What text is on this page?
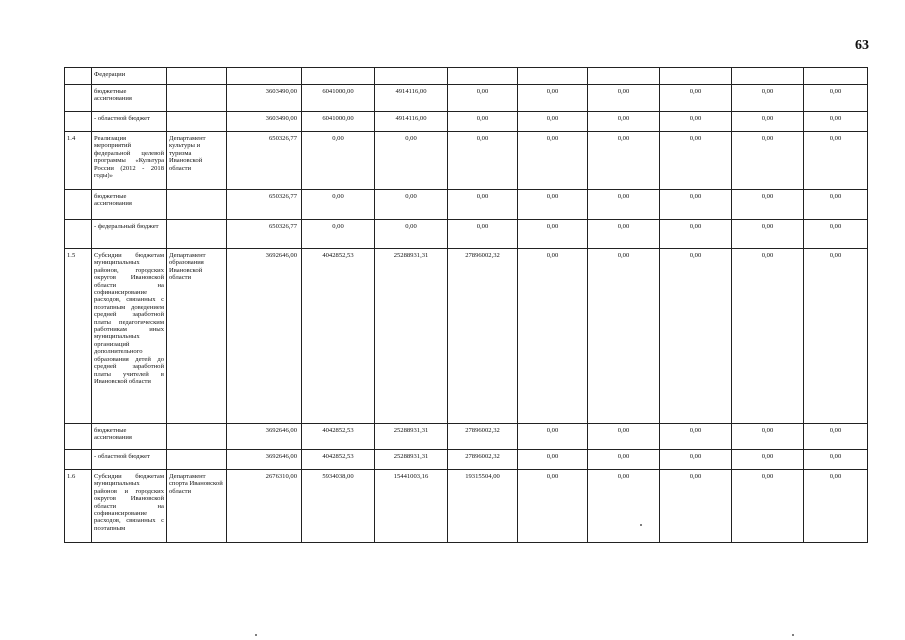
63
	Федерации										
	бюджетные ассигнования		3603490,00	6041000,00	4914116,00	0,00	0,00	0,00	0,00	0,00	0,00
	- областной бюджет		3603490,00	6041000,00	4914116,00	0,00	0,00	0,00	0,00	0,00	0,00
1.4	Реализация мероприятий федеральной целевой программы «Культура России (2012 - 2018 годы)»	Департамент культуры и туризма Ивановской области	650326,77	0,00	0,00	0,00	0,00	0,00	0,00	0,00	0,00
	бюджетные ассигнования		650326,77	0,00	0,00	0,00	0,00	0,00	0,00	0,00	0,00
	- федеральный бюджет		650326,77	0,00	0,00	0,00	0,00	0,00	0,00	0,00	0,00
1.5	Субсидии бюджетам муниципальных районов, городских округов Ивановской области на софинансирование расходов, связанных с поэтапным доведением средней заработной платы педагогическим работникам иных муниципальных организаций дополнительного образования детей до средней заработной платы учителей в Ивановской области	Департамент образования Ивановской области	3692646,00	4042852,53	25288931,31	27896002,32	0,00	0,00	0,00	0,00	0,00
	бюджетные ассигнования		3692646,00	4042852,53	25288931,31	27896002,32	0,00	0,00	0,00	0,00	0,00
	- областной бюджет		3692646,00	4042852,53	25288931,31	27896002,32	0,00	0,00	0,00	0,00	0,00
1.6	Субсидии бюджетам муниципальных районов и городских округов Ивановской области на софинансирование расходов, связанных с поэтапным	Департамент спорта Ивановской области	2676310,00	5934038,00	15441003,16	19315504,00	0,00	0,00	0,00	0,00	0,00
